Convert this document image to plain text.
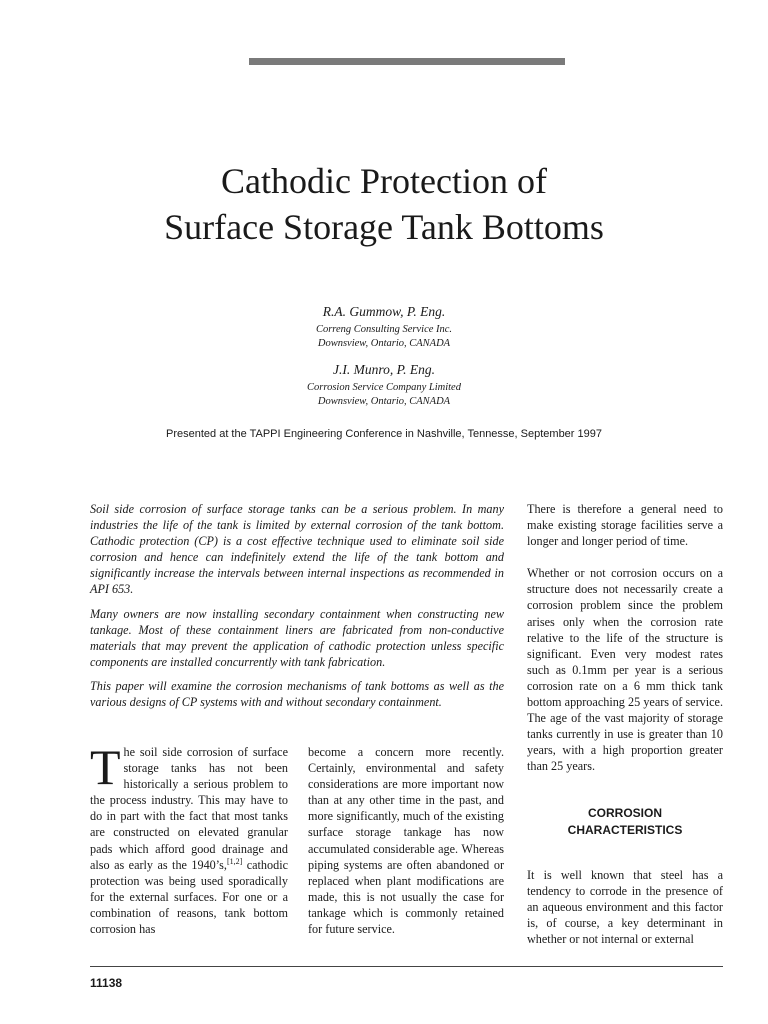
Cathodic Protection of
Surface Storage Tank Bottoms
R.A. Gummow, P. Eng.
Correng Consulting Service Inc.
Downsview, Ontario, CANADA
J.I. Munro, P. Eng.
Corrosion Service Company Limited
Downsview, Ontario, CANADA
Presented at the TAPPI Engineering Conference in Nashville, Tennesse, September 1997

Soil side corrosion of surface storage tanks can be a serious problem. In many industries the life of the tank is limited by external corrosion of the tank bottom. Cathodic protection (CP) is a cost effective technique used to eliminate soil side corrosion and hence can indefinitely extend the life of the tank bottom and significantly increase the intervals between internal inspections as recommended in API 653.

Many owners are now installing secondary containment when constructing new tankage. Most of these containment liners are fabricated from non-conductive materials that may prevent the application of cathodic protection unless specific components are installed concurrently with tank fabrication.

This paper will examine the corrosion mechanisms of tank bottoms as well as the various designs of CP systems with and without secondary containment.

The soil side corrosion of surface storage tanks has not been historically a serious problem to the process industry. This may have to do in part with the fact that most tanks are constructed on elevated granular pads which afford good drainage and also as early as the 1940’s,[1,2] cathodic protection was being used sporadically for the external surfaces. For one or a combination of reasons, tank bottom corrosion has
become a concern more recently. Certainly, environmental and safety considerations are more important now than at any other time in the past, and more significantly, much of the existing surface storage tankage has now accumulated considerable age. Whereas piping systems are often abandoned or replaced when plant modifications are made, this is not usually the case for tankage which is commonly retained for future service.

There is therefore a general need to make existing storage facilities serve a longer and longer period of time.

Whether or not corrosion occurs on a structure does not necessarily create a corrosion problem since the problem arises only when the corrosion rate relative to the life of the structure is significant. Even very modest rates such as 0.1mm per year is a serious corrosion rate on a 6 mm thick tank bottom approaching 25 years of service. The age of the vast majority of storage tanks currently in use is greater than 10 years, with a high proportion greater than 25 years.

CORROSION
CHARACTERISTICS

It is well known that steel has a tendency to corrode in the presence of an aqueous environment and this factor is, of course, a key determinant in whether or not internal or external

11138
